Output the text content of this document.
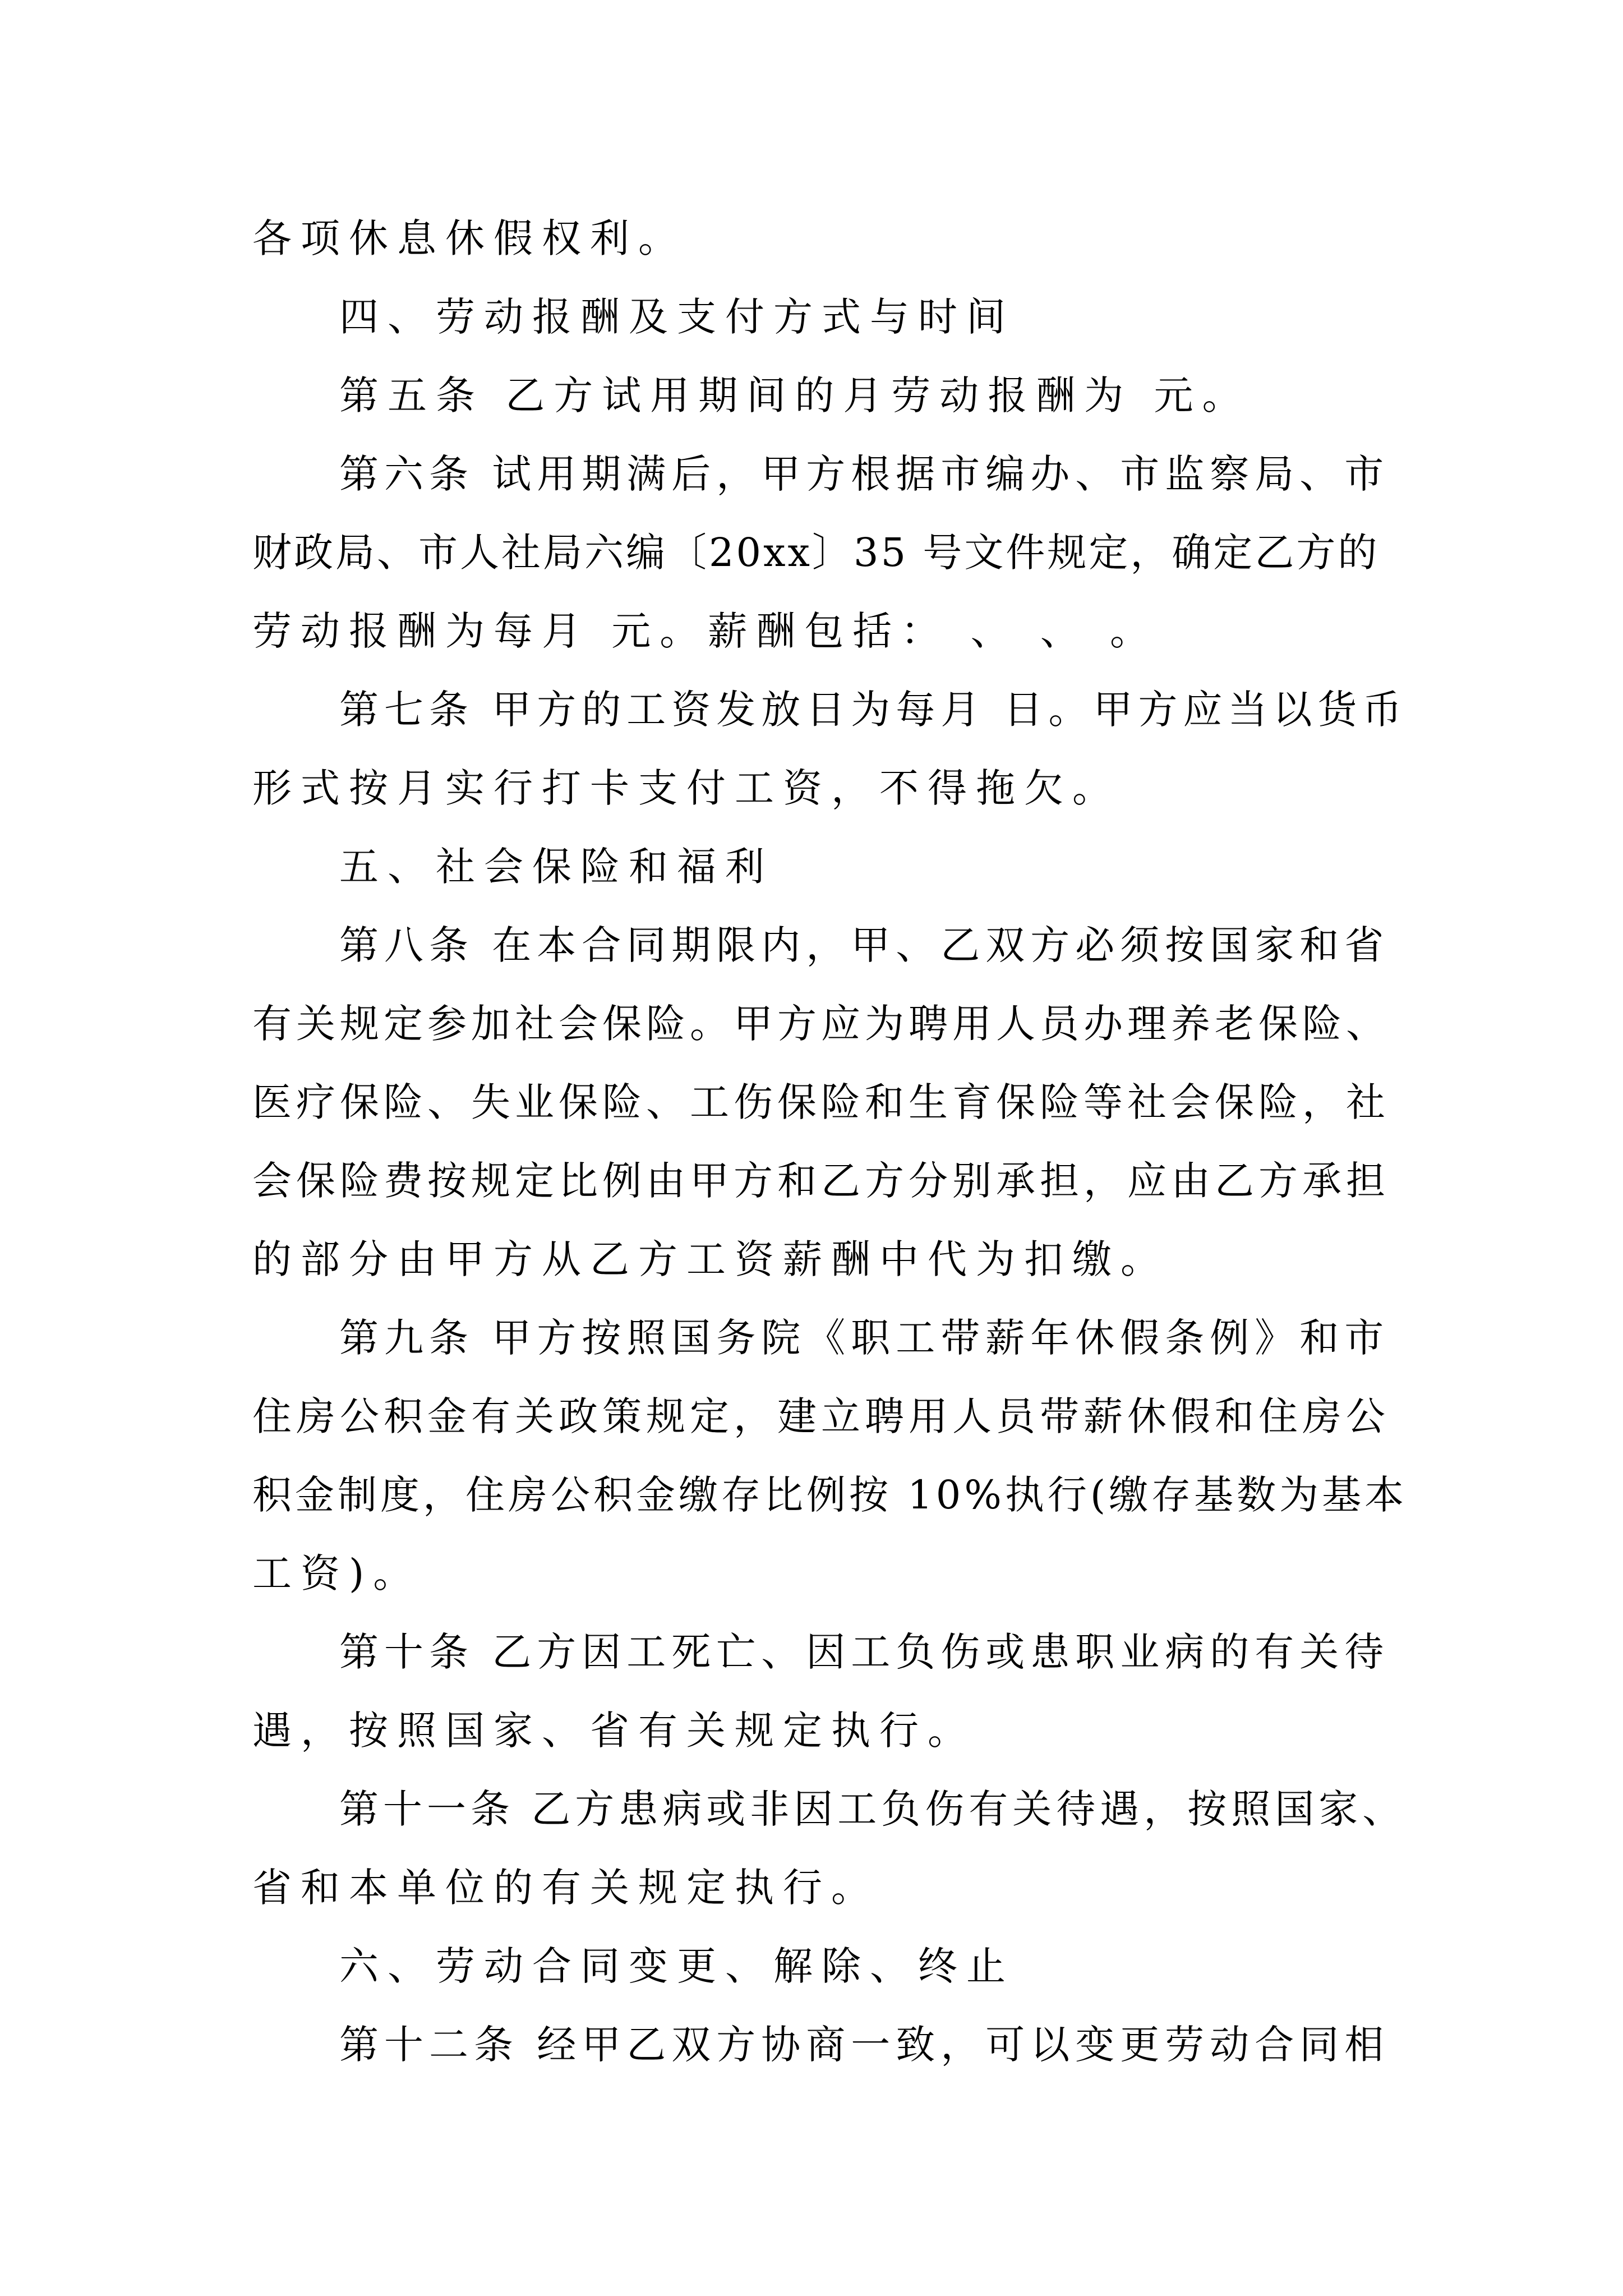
各项休息休假权利。
四、劳动报酬及支付方式与时间
第五条 乙方试用期间的月劳动报酬为 元。
第六条 试用期满后，甲方根据市编办、市监察局、市
财政局、市人社局六编〔20xx〕35 号文件规定，确定乙方的
劳动报酬为每月 元。薪酬包括： 、 、 。
第七条 甲方的工资发放日为每月 日。甲方应当以货币
形式按月实行打卡支付工资，不得拖欠。
五、社会保险和福利
第八条 在本合同期限内，甲、乙双方必须按国家和省
有关规定参加社会保险。甲方应为聘用人员办理养老保险、
医疗保险、失业保险、工伤保险和生育保险等社会保险，社
会保险费按规定比例由甲方和乙方分别承担，应由乙方承担
的部分由甲方从乙方工资薪酬中代为扣缴。
第九条 甲方按照国务院《职工带薪年休假条例》和市
住房公积金有关政策规定，建立聘用人员带薪休假和住房公
积金制度，住房公积金缴存比例按 10%执行(缴存基数为基本
工资)。
第十条 乙方因工死亡、因工负伤或患职业病的有关待
遇，按照国家、省有关规定执行。
第十一条 乙方患病或非因工负伤有关待遇，按照国家、
省和本单位的有关规定执行。
六、劳动合同变更、解除、终止
第十二条 经甲乙双方协商一致，可以变更劳动合同相
